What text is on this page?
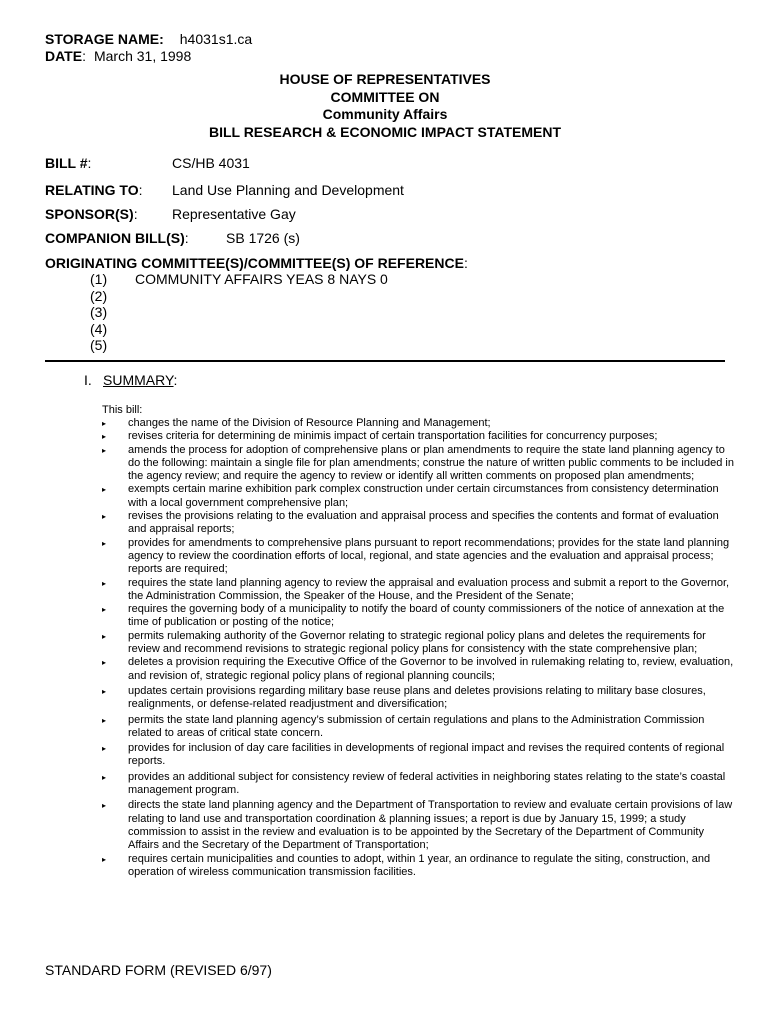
STORAGE NAME: h4031s1.ca
DATE: March 31, 1998
HOUSE OF REPRESENTATIVES
COMMITTEE ON
Community Affairs
BILL RESEARCH & ECONOMIC IMPACT STATEMENT
BILL #:	CS/HB 4031
RELATING TO: Land Use Planning and Development
SPONSOR(S): Representative Gay
COMPANION BILL(S):	SB 1726 (s)
ORIGINATING COMMITTEE(S)/COMMITTEE(S) OF REFERENCE:
(1) COMMUNITY AFFAIRS YEAS 8 NAYS 0
(2)
(3)
(4)
(5)
I. SUMMARY:
This bill:
▸	changes the name of the Division of Resource Planning and Management;
▸	revises criteria for determining de minimis impact of certain transportation facilities for concurrency purposes;
▸	amends the process for adoption of comprehensive plans or plan amendments to require the state land planning agency to do the following: maintain a single file for plan amendments; construe the nature of written public comments to be included in the agency review; and require the agency to review or identify all written comments on proposed plan amendments;
▸	exempts certain marine exhibition park complex construction under certain circumstances from consistency determination with a local government comprehensive plan;
▸	revises the provisions relating to the evaluation and appraisal process and specifies the contents and format of evaluation and appraisal reports;
▸	provides for amendments to comprehensive plans pursuant to report recommendations; provides for the state land planning agency to review the coordination efforts of local, regional, and state agencies and the evaluation and appraisal process; reports are required;
▸	requires the state land planning agency to review the appraisal and evaluation process and submit a report to the Governor, the Administration Commission, the Speaker of the House, and the President of the Senate;
▸	requires the governing body of a municipality to notify the board of county commissioners of the notice of annexation at the time of publication or posting of the notice;
▸	permits rulemaking authority of the Governor relating to strategic regional policy plans and deletes the requirements for review and recommend revisions to strategic regional policy plans for consistency with the state comprehensive plan;
▸	deletes a provision requiring the Executive Office of the Governor to be involved in rulemaking relating to, review, evaluation, and revision of, strategic regional policy plans of regional planning councils;
▸	updates certain provisions regarding military base reuse plans and deletes provisions relating to military base closures, realignments, or defense-related readjustment and diversification;
▸	permits the state land planning agency’s submission of certain regulations and plans to the Administration Commission related to areas of critical state concern.
▸	provides for inclusion of day care facilities in developments of regional impact and revises the required contents of regional reports.
▸	provides an additional subject for consistency review of federal activities in neighboring states relating to the state’s coastal management program.
▸	directs the state land planning agency and the Department of Transportation to review and evaluate certain provisions of law relating to land use and transportation coordination & planning issues; a report is due by January 15, 1999; a study commission to assist in the review and evaluation is to be appointed by the Secretary of the Department of Community Affairs and the Secretary of the Department of Transportation;
▸	requires certain municipalities and counties to adopt, within 1 year, an ordinance to regulate the siting, construction, and operation of wireless communication transmission facilities.
STANDARD FORM (REVISED 6/97)
